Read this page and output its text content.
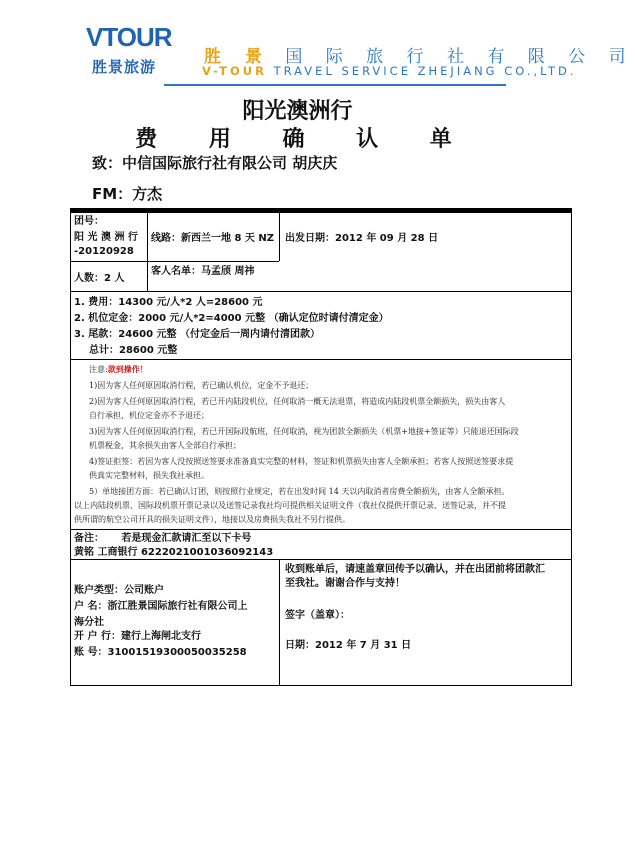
VTOUR
胜景旅游	胜 景 国 际 旅 行 社 有 限 公 司
V-TOUR TRAVEL SERVICE ZHEJIANG CO.,LTD.
阳光澳洲行
费 用 确 认 单
致：中信国际旅行社有限公司 胡庆庆
FM：方杰
团号：
阳 光 澳 洲 行
-20120928
线路：新西兰一地 8 天 NZ 出发日期：2012 年 09 月 28 日
人数：2 人
客人名单：马孟颀 周祎
1. 费用：14300 元/人*2 人=28600 元
2. 机位定金：2000 元/人*2=4000 元整 （确认定位时请付清定金）
3. 尾款：24600 元整 （付定金后一周内请付清团款）
总计：28600 元整
注意:款到操作！
1)因为客人任何原因取消行程，若已确认机位，定金不予退还；
2)因为客人任何原因取消行程，若已开内陆段机位，任何取消一概无法退票，将造成内陆段机票全额损失，损失由客人
自行承担，机位定金亦不予退还；
3)因为客人任何原因取消行程，若已开国际段航班，任何取消，视为团款全额损失（机票+地接+签证等）只能退还国际段
机票税金，其余损失由客人全部自行承担；
4)签证拒签：若因为客人没按照送签要求准备真实完整的材料，签证和机票损失由客人全额承担；若客人按照送签要求提
供真实完整材料，损失我社承担。
5）单地接团方面：若已确认订团，则按照行业规定，若在出发时间 14 天以内取消者房费全额损失，由客人全额承担。
以上内陆段机票、国际段机票开票记录以及送签记录我社均可提供相关证明文件（我社仅提供开票记录、送签记录，并不提
供所谓的航空公司开具的损失证明文件），地接以及房费损失我社不另行提供。
备注： 若是现金汇款请汇至以下卡号
黄铭 工商银行 6222021001036092143
账户类型：公司账户
户 名：浙江胜景国际旅行社有限公司上
海分社
开 户 行：建行上海闸北支行
账 号：31001519300050035258
收到账单后，请速盖章回传予以确认，并在出团前将团款汇
至我社。谢谢合作与支持！
签字（盖章）：
日期：2012 年 7 月 31 日
